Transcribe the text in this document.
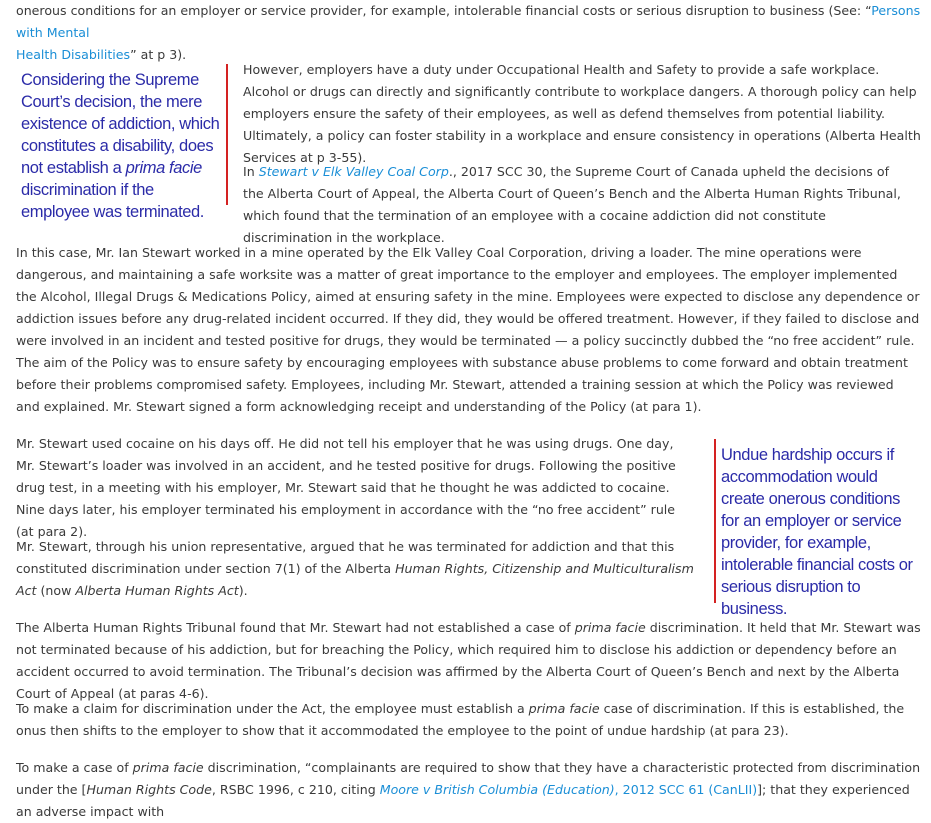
onerous conditions for an employer or service provider, for example, intolerable financial costs or serious disruption to business (See: “Persons with Mental
Health Disabilities” at p 3).

Considering the Supreme Court’s decision, the mere existence of addiction, which constitutes a disability, does not establish a prima facie discrimination if the employee was terminated.

However, employers have a duty under Occupational Health and Safety to provide a safe workplace. Alcohol or drugs can directly and significantly contribute to workplace dangers. A thorough policy can help employers ensure the safety of their employees, as well as defend themselves from potential liability. Ultimately, a policy can foster stability in a workplace and ensure consistency in operations (Alberta Health Services at p 3-55).

In Stewart v Elk Valley Coal Corp., 2017 SCC 30, the Supreme Court of Canada upheld the decisions of the Alberta Court of Appeal, the Alberta Court of Queen’s Bench and the Alberta Human Rights Tribunal, which found that the termination of an employee with a cocaine addiction did not constitute discrimination in the workplace.

In this case, Mr. Ian Stewart worked in a mine operated by the Elk Valley Coal Corporation, driving a loader. The mine operations were dangerous, and maintaining a safe worksite was a matter of great importance to the employer and employees. The employer implemented the Alcohol, Illegal Drugs & Medications Policy, aimed at ensuring safety in the mine. Employees were expected to disclose any dependence or addiction issues before any drug-related incident occurred. If they did, they would be offered treatment. However, if they failed to disclose and were involved in an incident and tested positive for drugs, they would be terminated — a policy succinctly dubbed the “no free accident” rule. The aim of the Policy was to ensure safety by encouraging employees with substance abuse problems to come forward and obtain treatment before their problems compromised safety. Employees, including Mr. Stewart, attended a training session at which the Policy was reviewed and explained. Mr. Stewart signed a form acknowledging receipt and understanding of the Policy (at para 1).

Mr. Stewart used cocaine on his days off. He did not tell his employer that he was using drugs. One day, Mr. Stewart’s loader was involved in an accident, and he tested positive for drugs. Following the positive drug test, in a meeting with his employer, Mr. Stewart said that he thought he was addicted to cocaine. Nine days later, his employer terminated his employment in accordance with the “no free accident” rule (at para 2).

Mr. Stewart, through his union representative, argued that he was terminated for addiction and that this constituted discrimination under section 7(1) of the Alberta Human Rights, Citizenship and Multiculturalism Act (now Alberta Human Rights Act).

Undue hardship occurs if accommodation would create onerous conditions for an employer or service provider, for example, intolerable financial costs or serious disruption to business.

The Alberta Human Rights Tribunal found that Mr. Stewart had not established a case of prima facie discrimination. It held that Mr. Stewart was not terminated because of his addiction, but for breaching the Policy, which required him to disclose his addiction or dependency before an accident occurred to avoid termination. The Tribunal’s decision was affirmed by the Alberta Court of Queen’s Bench and next by the Alberta Court of Appeal (at paras 4-6).

To make a claim for discrimination under the Act, the employee must establish a prima facie case of discrimination. If this is established, the onus then shifts to the employer to show that it accommodated the employee to the point of undue hardship (at para 23).

To make a case of prima facie discrimination, “complainants are required to show that they have a characteristic protected from discrimination under the [Human Rights Code, RSBC 1996, c 210, citing Moore v British Columbia (Education), 2012 SCC 61 (CanLII)]; that they experienced an adverse impact with
